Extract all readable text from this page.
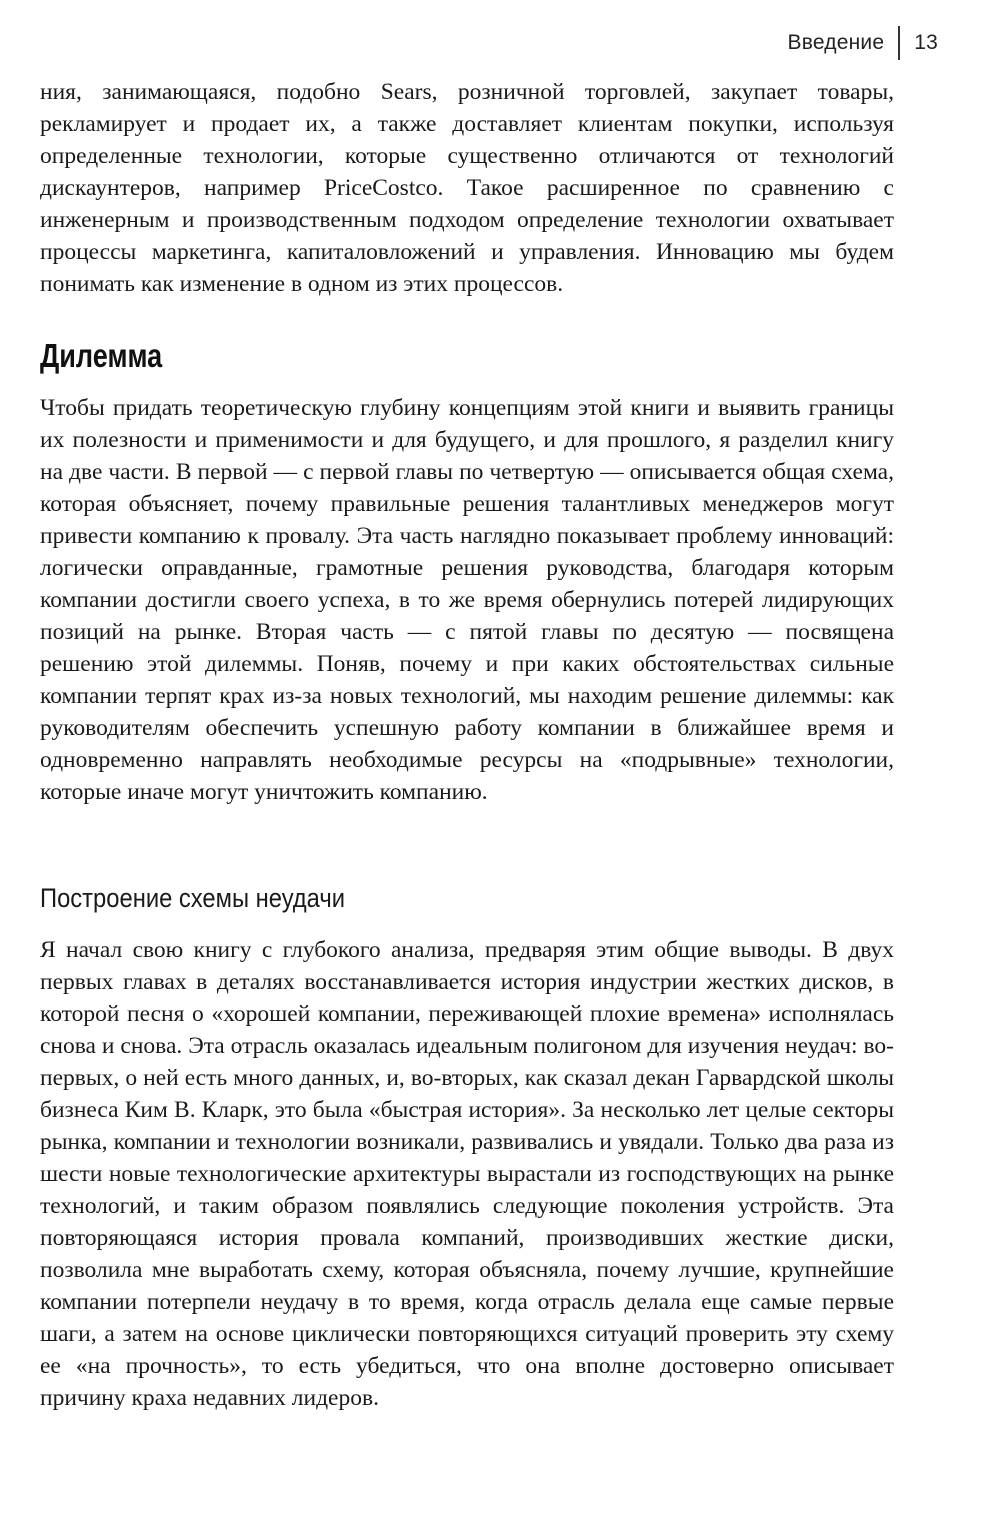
Введение	13

ния, занимающаяся, подобно Sears, розничной торговлей, закупает товары, рекламирует и продает их, а также доставляет клиентам покупки, используя определенные технологии, которые существенно отличаются от технологий дискаунтеров, например PriceCostco. Такое расширенное по сравнению с инженерным и производственным подходом определение технологии охватывает процессы маркетинга, капиталовложений и управления. Инновацию мы будем понимать как изменение в одном из этих процессов.

Дилемма

Чтобы придать теоретическую глубину концепциям этой книги и выявить границы их полезности и применимости и для будущего, и для прошлого, я разделил книгу на две части. В первой — с первой главы по четвертую — описывается общая схема, которая объясняет, почему правильные решения талантливых менеджеров могут привести компанию к провалу. Эта часть наглядно показывает проблему инноваций: логически оправданные, грамотные решения руководства, благодаря которым компании достигли своего успеха, в то же время обернулись потерей лидирующих позиций на рынке. Вторая часть — с пятой главы по десятую — посвящена решению этой дилеммы. Поняв, почему и при каких обстоятельствах сильные компании терпят крах из-за новых технологий, мы находим решение дилеммы: как руководителям обеспечить успешную работу компании в ближайшее время и одновременно направлять необходимые ресурсы на «подрывные» технологии, которые иначе могут уничтожить компанию.

Построение схемы неудачи

Я начал свою книгу с глубокого анализа, предваряя этим общие выводы. В двух первых главах в деталях восстанавливается история индустрии жестких дисков, в которой песня о «хорошей компании, переживающей плохие времена» исполнялась снова и снова. Эта отрасль оказалась идеальным полигоном для изучения неудач: во-первых, о ней есть много данных, и, во-вторых, как сказал декан Гарвардской школы бизнеса Ким В. Кларк, это была «быстрая история». За несколько лет целые секторы рынка, компании и технологии возникали, развивались и увядали. Только два раза из шести новые технологические архитектуры вырастали из господствующих на рынке технологий, и таким образом появлялись следующие поколения устройств. Эта повторяющаяся история провала компаний, производивших жесткие диски, позволила мне выработать схему, которая объясняла, почему лучшие, крупнейшие компании потерпели неудачу в то время, когда отрасль делала еще самые первые шаги, а затем на основе циклически повторяющихся ситуаций проверить эту схему ее «на прочность», то есть убедиться, что она вполне достоверно описывает причину краха недавних лидеров.
